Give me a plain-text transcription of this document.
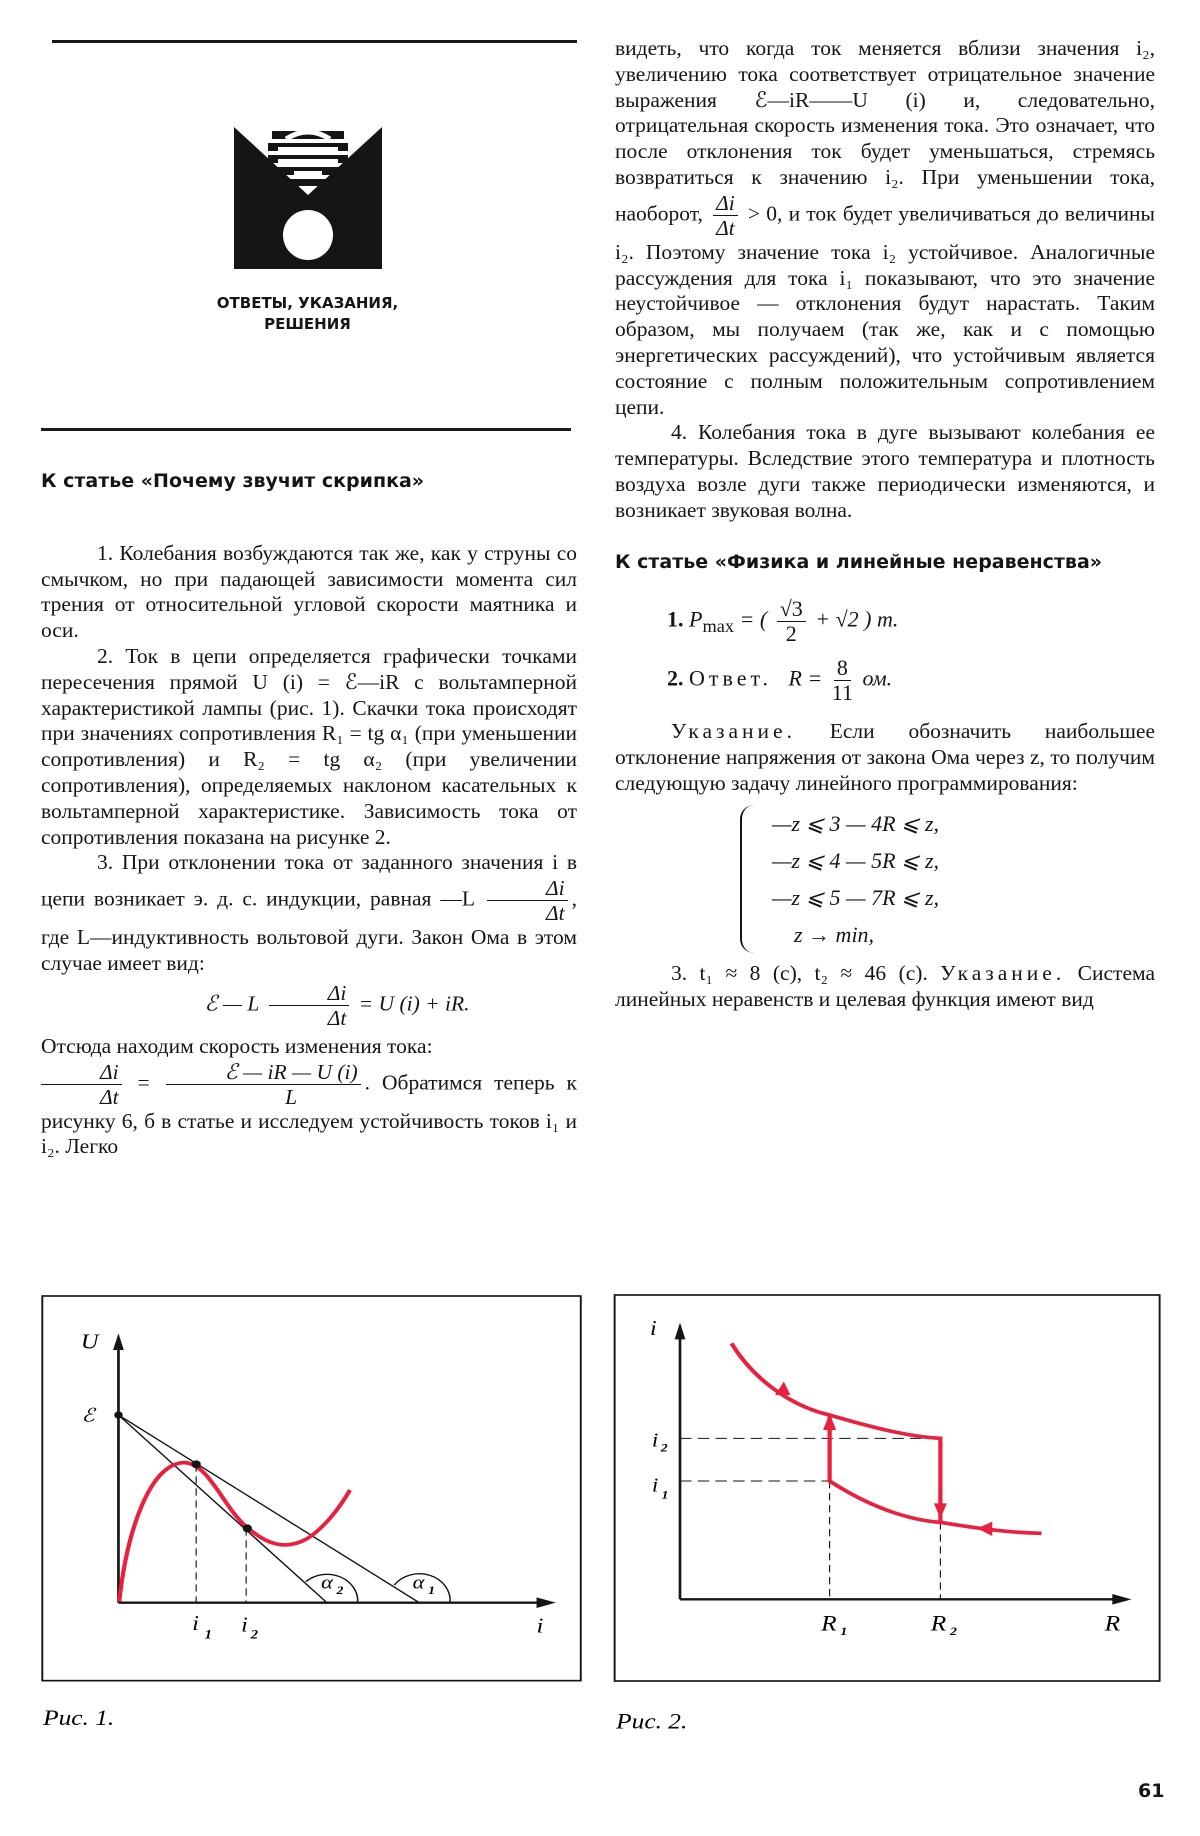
ОТВЕТЫ, УКАЗАНИЯ,
РЕШЕНИЯ

К статье «Почему звучит скрипка»

1. Колебания возбуждаются так же, как у струны со смычком, но при падающей зависимости момента сил трения от относительной угловой скорости маятника и оси.

2. Ток в цепи определяется графически точками пересечения прямой U (i) = ℰ—iR с вольтамперной характеристикой лампы (рис. 1). Скачки тока происходят при значениях сопротивления R₁ = tg α₁ (при уменьшении сопротивления) и R₂ = tg α₂ (при увеличении сопротивления), определяемых наклоном касательных к вольтамперной характеристике. Зависимость тока от сопротивления показана на рисунке 2.

3. При отклонении тока от заданного значения i в цепи возникает э. д. с. индукции, равная —L $\frac{\Delta i}{\Delta t}$ , где L—индуктивность вольтовой дуги. Закон Ома в этом случае имеет вид:
ℰ — L $\frac{\Delta i}{\Delta t} = U$ (i) + iR.
Отсюда находим скорость изменения тока:

$\frac{\Delta i}{\Delta t} = \frac{\text{ℰ — iR — U (i)}}{L}$ . Обратимся теперь к рисунку 6, б в статье и исследуем устойчивость токов i₁ и i₂. Легко

видеть, что когда ток меняется вблизи значения i₂, увеличению тока соответствует отрицательное значение выражения ℰ—iR——U (i) и, следовательно, отрицательная скорость изменения тока. Это означает, что после отклонения ток будет уменьшаться, стремясь возвратиться к значению i₂. При уменьшении тока, наоборот, $\frac{\Delta i}{\Delta t} > 0$, и ток будет увеличиваться до величины i₂. Поэтому значение тока i₂ устойчивое. Аналогичные рассуждения для тока i₁ показывают, что это значение неустойчивое — отклонения будут нарастать. Таким образом, мы получаем (так же, как и с помощью энергетических рассуждений), что устойчивым является состояние с полным положительным сопротивлением цепи.

4. Колебания тока в дуге вызывают колебания ее температуры. Вследствие этого температура и плотность воздуха возле дуги также периодически изменяются, и возникает звуковая волна.

К статье «Физика и линейные неравенства»

1. $P_{max}$ = ( $\frac{√3}{2} + √2$ ) m.

2. Ответ. $R = \frac{8}{11}$ ом.

Указание. Если обозначить наибольшее отклонение напряжения от закона Ома через z, то получим следующую задачу линейного программирования:

—z ⩽ 3 — 4R ⩽ z,
—z ⩽ 4 — 5R ⩽ z,
—z ⩽ 5 — 7R ⩽ z,
z → min,

3. t₁ ≈ 8 (с), t₂ ≈ 46 (с). Указание. Система линейных неравенств и целевая функция имеют вид

U
ℰ
i
i 1 i 2
α 2 α 1
Рис. 1.
i
i 2
i 1
R 1 R 2 R
Рис. 2.
61
